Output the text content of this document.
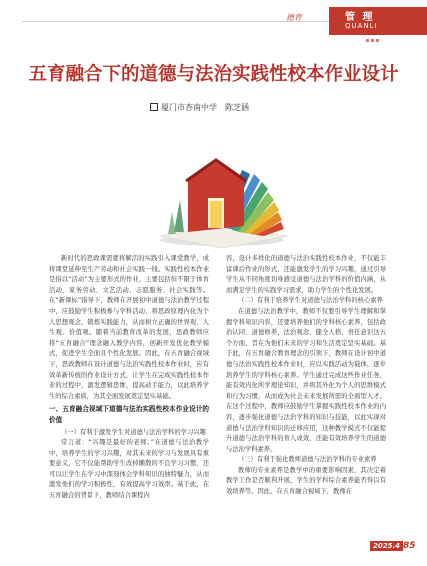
德育	管 理
QUANLI
五育融合下的道德与法治实践性校本作业设计
厦门市杏南中学　陈芝涵

新时代的思政课需要将解活的实践引入课堂教学，成将课堂延伸至生产劳动和社会实践一线。实践性校本作业是指以“活动”为主要形式的作业，主要包括但不限于体育活动、家务劳动、文艺活动、志愿服务、社会实践等。在“新课标”指导下，教师在开展初中道德与法治教学过程中，应鼓励学生积极参与学科活动，将思政原理内化为个人思想观念，锻炼实践能力，从而树立正确的世界观、人生观、价值观。随着当前教育改革的发展，思政教师应将“五育融合”理念融入教学内容，创新开发优化教学模式，促进学生全面且个性化发展。因此，在五育融合视域下，思政教师在设计道德与法治实践性校本作业时，应有效革新传统的作业设计方式，让学生在完成实践性校本作业的过程中，激发逻辑思维，提高动手能力，以此培养学生的综合素质，为其全面发展奠定坚实基础。

一、五育融合视域下道德与法治实践性校本作业设计的价值

（一）有利于激发学生对道德与法治学科的学习兴趣

常言道：“兴趣是最好的老师。”在道德与法治教学中，培养学生的学习兴趣，对其未来的学习与发展具有重要意义，它不仅能帮助学生改掉懒散的不良学习习惯，还可以让学生在学习中深刻体会学科知识的独特魅力，从而激发他们的学习积极性，有效提高学习效率。基于此，在五育融合的背景下，教师结合课程内

容，设计多样化的道德与法治实践性校本作业，不仅能丰富课后作业的形式，还能激发学生的学习兴趣，通过引导学生从不同角度切身感受道德与法治学科的价值内涵，从而满足学生的实践学习需求，助力学生的个性化发展。

（二）有利于培养学生对道德与法治学科的核心素养

在道德与法治教学中，教师不仅要引导学生理解和掌握学科知识内容，还要培养他们的学科核心素养，包括政治认同、道德修养、法治观念、健全人格、责任意识这五个方面，旨在为他们未来的学习和生活奠定坚实基础。基于此，在五育融合教育理念的引领下，教师在设计初中道德与法治实践性校本作业时，应以实践活动为载体，逐步培养学生的学科核心素养。学生通过完成这些作业任务，能有效内化所学理论知识，并将其外化为个人的思维模式和行为习惯，从而成为社会未来发展所需的全面型人才。在这个过程中，教师应鼓励学生掌握实践性校本作业的内容，逐步强化道德与法治学科的知识与技能，以此实现对道德与法治学科知识的迁移应用，这种教学模式不仅能提升道德与法治学科的育人成效，还能有效培养学生的道德与法治学科素养。

（三）有利于强化教师道德与法治学科的专业素养

教师的专业素养是教学中的重要影响因素，其决定着教学工作是否顺利开展，学生的学科综合素养能否得以有效培养等。因此，在五育融合视域下，教师在

2025.4 85
